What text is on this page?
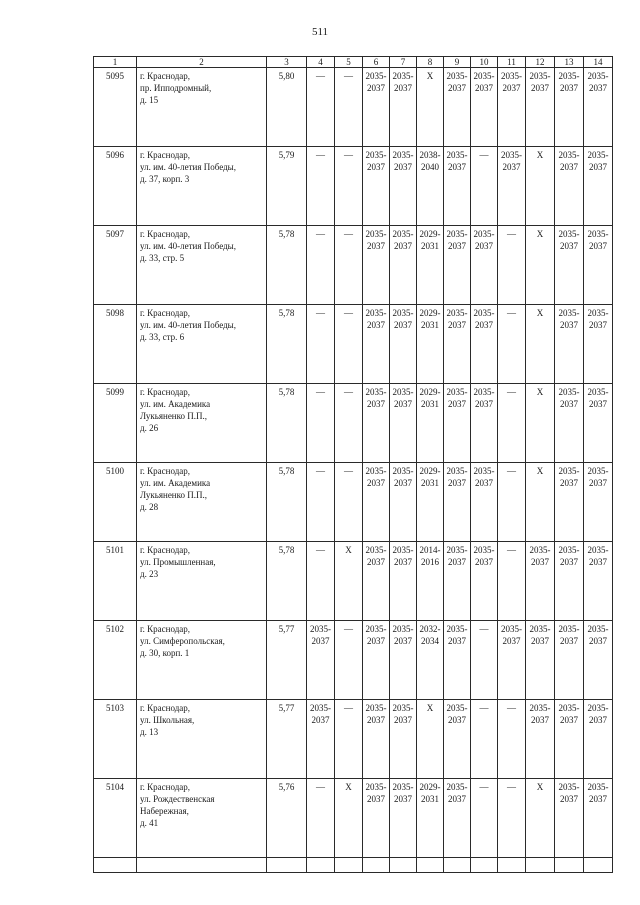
511
1	2	3	4	5	6	7	8	9	10	11	12	13	14
5095	г. Краснодар,
пр. Ипподромный,
д. 15	5,80	—	—	2035-
2037	2035-
2037	X	2035-
2037	2035-
2037	2035-
2037	2035-
2037	2035-
2037	2035-
2037
5096	г. Краснодар,
ул. им. 40-летия Победы,
д. 37, корп. 3	5,79	—	—	2035-
2037	2035-
2037	2038-
2040	2035-
2037	—	2035-
2037	X	2035-
2037	2035-
2037
5097	г. Краснодар,
ул. им. 40-летия Победы,
д. 33, стр. 5	5,78	—	—	2035-
2037	2035-
2037	2029-
2031	2035-
2037	2035-
2037	—	X	2035-
2037	2035-
2037
5098	г. Краснодар,
ул. им. 40-летия Победы,
д. 33, стр. 6	5,78	—	—	2035-
2037	2035-
2037	2029-
2031	2035-
2037	2035-
2037	—	X	2035-
2037	2035-
2037
5099	г. Краснодар,
ул. им. Академика
Лукьяненко П.П.,
д. 26	5,78	—	—	2035-
2037	2035-
2037	2029-
2031	2035-
2037	2035-
2037	—	X	2035-
2037	2035-
2037
5100	г. Краснодар,
ул. им. Академика
Лукьяненко П.П.,
д. 28	5,78	—	—	2035-
2037	2035-
2037	2029-
2031	2035-
2037	2035-
2037	—	X	2035-
2037	2035-
2037
5101	г. Краснодар,
ул. Промышленная,
д. 23	5,78	—	X	2035-
2037	2035-
2037	2014-
2016	2035-
2037	2035-
2037	—	2035-
2037	2035-
2037	2035-
2037
5102	г. Краснодар,
ул. Симферопольская,
д. 30, корп. 1	5,77	2035-
2037	—	2035-
2037	2035-
2037	2032-
2034	2035-
2037	—	2035-
2037	2035-
2037	2035-
2037	2035-
2037
5103	г. Краснодар,
ул. Школьная,
д. 13	5,77	2035-
2037	—	2035-
2037	2035-
2037	X	2035-
2037	—	—	2035-
2037	2035-
2037	2035-
2037
5104	г. Краснодар,
ул. Рождественская
Набережная,
д. 41	5,76	—	X	2035-
2037	2035-
2037	2029-
2031	2035-
2037	—	—	X	2035-
2037	2035-
2037
